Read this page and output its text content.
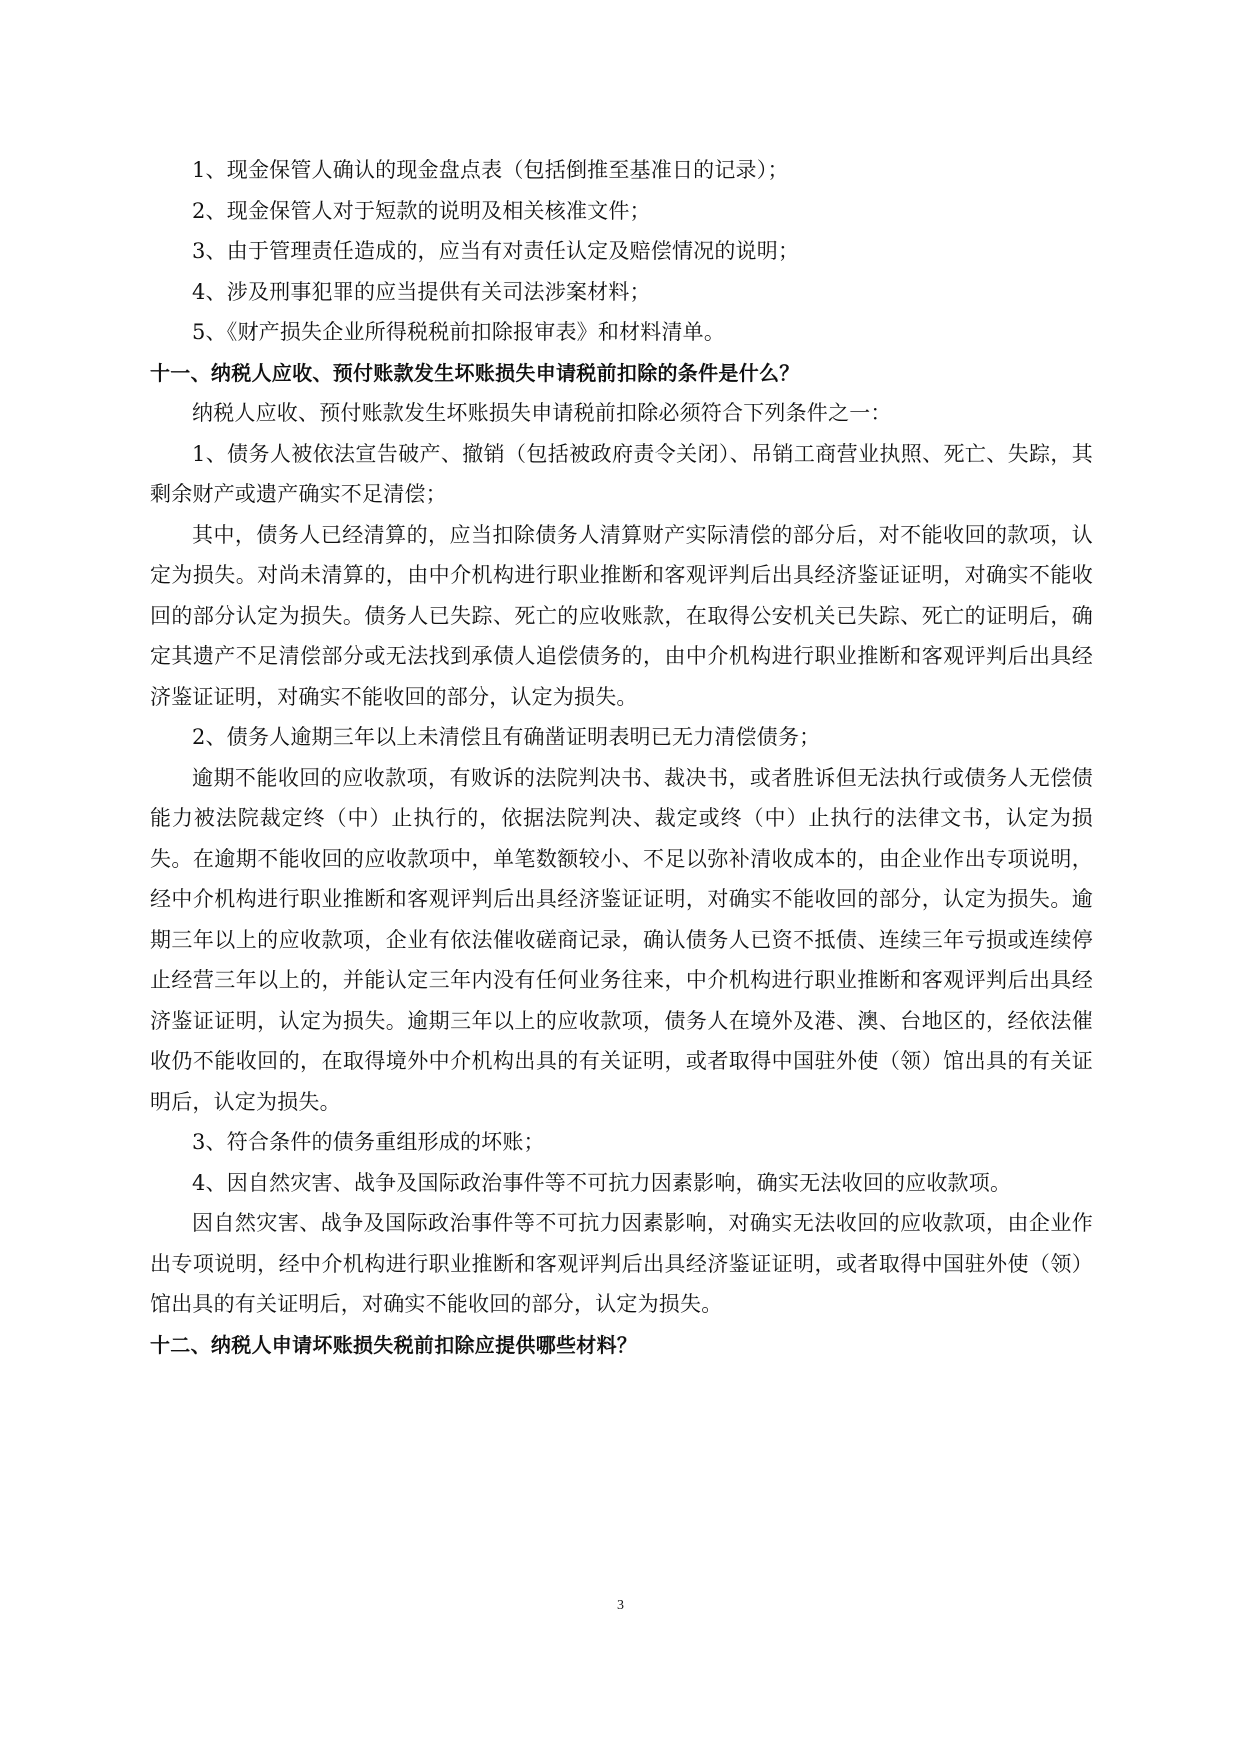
1、现金保管人确认的现金盘点表（包括倒推至基准日的记录）；

2、现金保管人对于短款的说明及相关核准文件；

3、由于管理责任造成的，应当有对责任认定及赔偿情况的说明；

4、涉及刑事犯罪的应当提供有关司法涉案材料；

5、《财产损失企业所得税税前扣除报审表》和材料清单。

十一、纳税人应收、预付账款发生坏账损失申请税前扣除的条件是什么？

纳税人应收、预付账款发生坏账损失申请税前扣除必须符合下列条件之一：

1、债务人被依法宣告破产、撤销（包括被政府责令关闭）、吊销工商营业执照、死亡、失踪，其剩余财产或遗产确实不足清偿；

其中，债务人已经清算的，应当扣除债务人清算财产实际清偿的部分后，对不能收回的款项，认定为损失。对尚未清算的，由中介机构进行职业推断和客观评判后出具经济鉴证证明，对确实不能收回的部分认定为损失。债务人已失踪、死亡的应收账款，在取得公安机关已失踪、死亡的证明后，确定其遗产不足清偿部分或无法找到承债人追偿债务的，由中介机构进行职业推断和客观评判后出具经济鉴证证明，对确实不能收回的部分，认定为损失。

2、债务人逾期三年以上未清偿且有确凿证明表明已无力清偿债务；

逾期不能收回的应收款项，有败诉的法院判决书、裁决书，或者胜诉但无法执行或债务人无偿债能力被法院裁定终（中）止执行的，依据法院判决、裁定或终（中）止执行的法律文书，认定为损失。在逾期不能收回的应收款项中，单笔数额较小、不足以弥补清收成本的，由企业作出专项说明，经中介机构进行职业推断和客观评判后出具经济鉴证证明，对确实不能收回的部分，认定为损失。逾期三年以上的应收款项，企业有依法催收磋商记录，确认债务人已资不抵债、连续三年亏损或连续停止经营三年以上的，并能认定三年内没有任何业务往来，中介机构进行职业推断和客观评判后出具经济鉴证证明，认定为损失。逾期三年以上的应收款项，债务人在境外及港、澳、台地区的，经依法催收仍不能收回的，在取得境外中介机构出具的有关证明，或者取得中国驻外使（领）馆出具的有关证明后，认定为损失。

3、符合条件的债务重组形成的坏账；

4、因自然灾害、战争及国际政治事件等不可抗力因素影响，确实无法收回的应收款项。

因自然灾害、战争及国际政治事件等不可抗力因素影响，对确实无法收回的应收款项，由企业作出专项说明，经中介机构进行职业推断和客观评判后出具经济鉴证证明，或者取得中国驻外使（领）馆出具的有关证明后，对确实不能收回的部分，认定为损失。

十二、纳税人申请坏账损失税前扣除应提供哪些材料？

3
